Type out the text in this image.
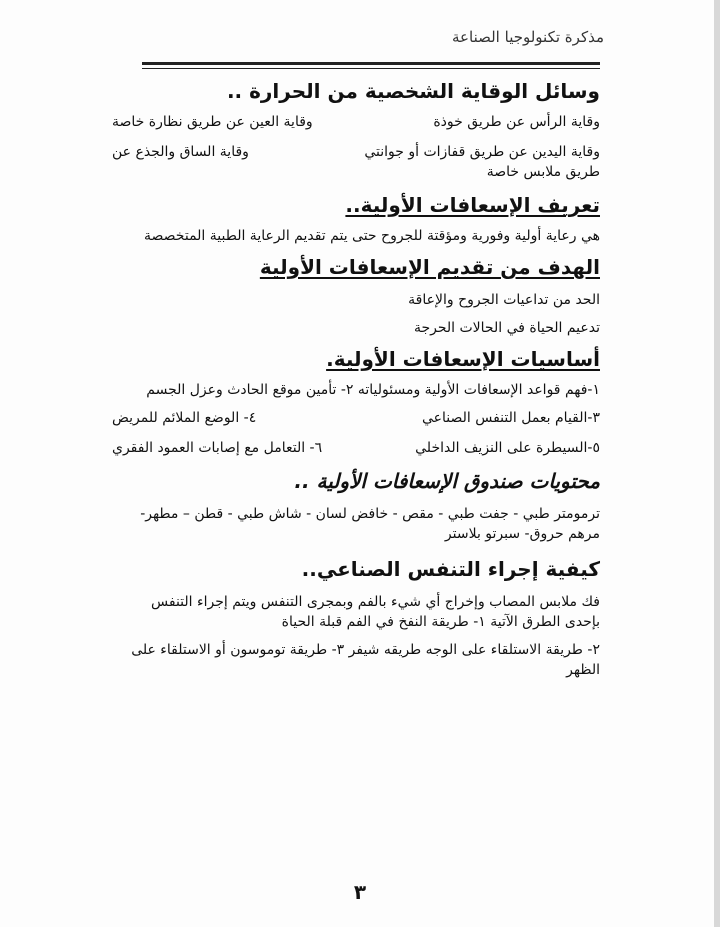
مذكرة تكنولوجيا الصناعة
وسائل الوقاية الشخصية من الحرارة ..
وقاية الرأس عن طريق خوذة
وقاية العين عن طريق نظارة خاصة
وقاية اليدين عن طريق قفازات أو جوانتي
وقاية الساق والجذع عن

طريق ملابس خاصة

تعريف الإسعافات الأولية..

هي رعاية أولية وفورية ومؤقتة للجروح حتى يتم تقديم الرعاية الطبية المتخصصة

الهدف من تقديم الإسعافات الأولية

الحد من تداعيات الجروح والإعاقة

تدعيم الحياة في الحالات الحرجة

أساسيات الإسعافات الأولية.

١-فهم قواعد الإسعافات الأولية ومسئولياته ٢- تأمين موقع الحادث وعزل الجسم

٣-القيام بعمل التنفس الصناعي
٤- الوضع الملائم للمريض
٥-السيطرة على النزيف الداخلي
٦- التعامل مع إصابات العمود الفقري
محتويات صندوق الإسعافات الأولية ..

ترمومتر طبي - جفت طبي - مقص - خافض لسان - شاش طبي - قطن – مطهر- مرهم حروق- سبرتو بلاستر

كيفية إجراء التنفس الصناعي..

فك ملابس المصاب وإخراج أي شيء بالفم وبمجرى التنفس ويتم إجراء التنفس بإحدى الطرق الآتية ١- طريقة النفخ في الفم قبلة الحياة

٢- طريقة الاستلقاء على الوجه طريقه شيفر ٣- طريقة توموسون أو الاستلقاء على الظهر

٣
